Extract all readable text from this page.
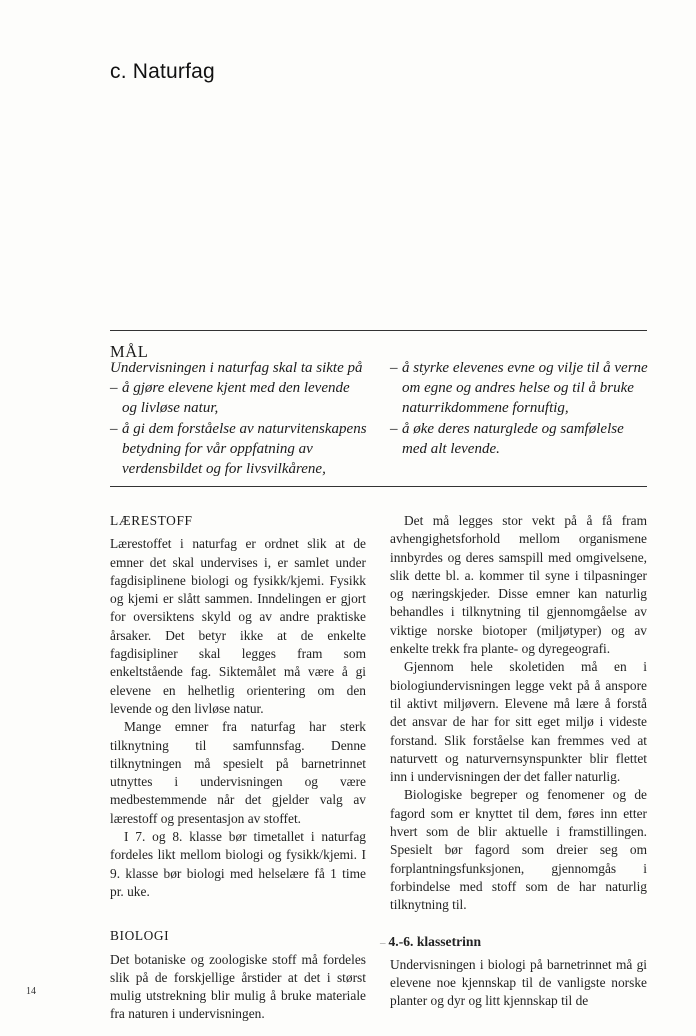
c. Naturfag
MÅL

Undervisningen i naturfag skal ta sikte på

– å gjøre elevene kjent med den levende og livløse natur,
– å gi dem forståelse av naturvitenskapens betydning for vår oppfatning av verdensbildet og for livsvilkårene,
– å styrke elevenes evne og vilje til å verne om egne og andres helse og til å bruke naturrikdommene fornuftig,
– å øke deres naturglede og samfølelse med alt levende.
LÆRESTOFF

Lærestoffet i naturfag er ordnet slik at de emner det skal undervises i, er samlet under fagdisiplinene biologi og fysikk/kjemi. Fysikk og kjemi er slått sammen. Inndelingen er gjort for oversiktens skyld og av andre praktiske årsaker. Det betyr ikke at de enkelte fagdisipliner skal legges fram som enkeltstående fag. Siktemålet må være å gi elevene en helhetlig orientering om den levende og den livløse natur.

Mange emner fra naturfag har sterk tilknytning til samfunnsfag. Denne tilknytningen må spesielt på barnetrinnet utnyttes i undervisningen og være medbestemmende når det gjelder valg av lærestoff og presentasjon av stoffet.

I 7. og 8. klasse bør timetallet i naturfag fordeles likt mellom biologi og fysikk/kjemi. I 9. klasse bør biologi med helselære få 1 time pr. uke.

BIOLOGI

Det botaniske og zoologiske stoff må fordeles slik på de forskjellige årstider at det i størst mulig utstrekning blir mulig å bruke materiale fra naturen i undervisningen.

Det må legges stor vekt på å få fram avhengighetsforhold mellom organismene innbyrdes og deres samspill med omgivelsene, slik dette bl. a. kommer til syne i tilpasninger og næringskjeder. Disse emner kan naturlig behandles i tilknytning til gjennomgåelse av viktige norske biotoper (miljøtyper) og av enkelte trekk fra plante- og dyregeografi.

Gjennom hele skoletiden må en i biologiundervisningen legge vekt på å anspore til aktivt miljøvern. Elevene må lære å forstå det ansvar de har for sitt eget miljø i videste forstand. Slik forståelse kan fremmes ved at naturvett og naturvernsynspunkter blir flettet inn i undervisningen der det faller naturlig.

Biologiske begreper og fenomener og de fagord som er knyttet til dem, føres inn etter hvert som de blir aktuelle i framstillingen. Spesielt bør fagord som dreier seg om forplantningsfunksjonen, gjennomgås i forbindelse med stoff som de har naturlig tilknytning til.

– 4.-6. klassetrinn

Undervisningen i biologi på barnetrinnet må gi elevene noe kjennskap til de vanligste norske planter og dyr og litt kjennskap til de

14
